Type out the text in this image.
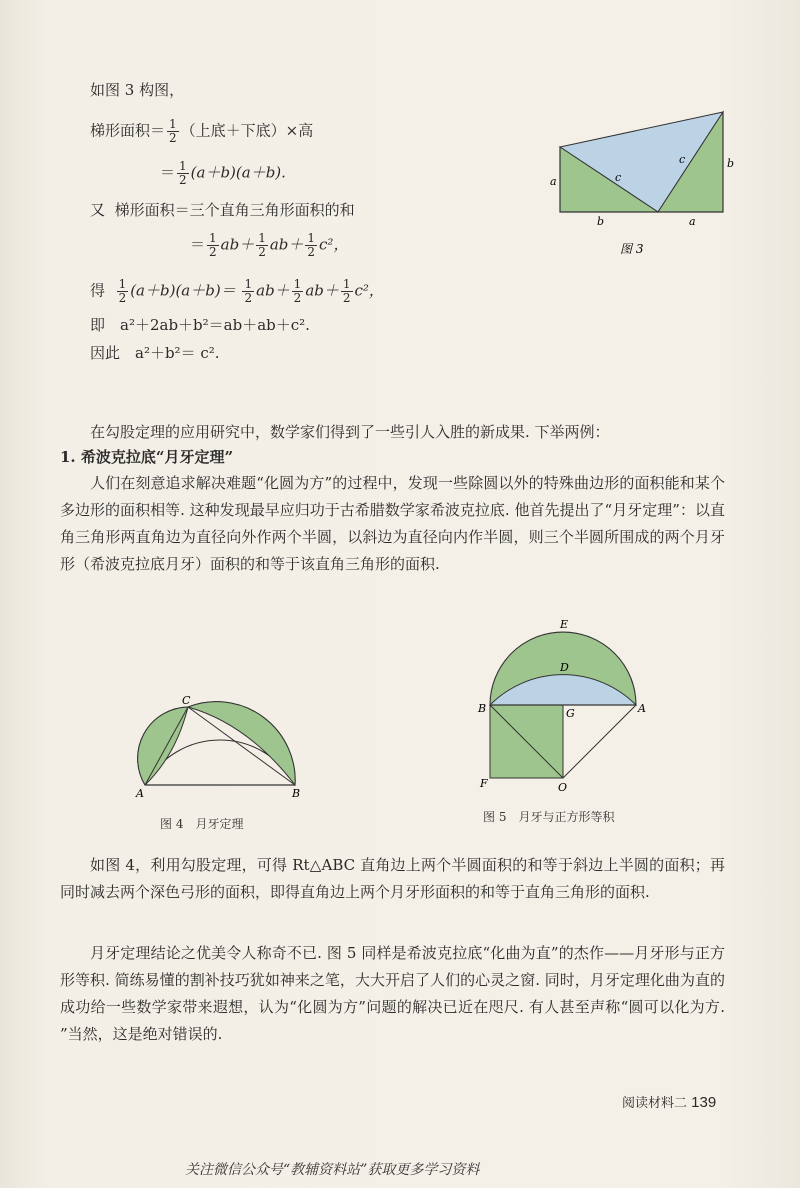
如图 3 构图，
梯形面积＝ $\frac{1}{2}$ （上底＋下底）×高
＝ $\frac{1}{2} (a+b)(a+b)$.
又 梯形面积＝三个直角三角形面积的和
＝ $\frac{1}{2} ab+ \frac{1}{2} ab+ \frac{1}{2} c^2$，
得 $\frac{1}{2} (a+b)(a+b)= \frac{1}{2} ab+ \frac{1}{2} ab+ \frac{1}{2} c^2$，
即　a²＋2ab＋b²＝ab＋ab＋c².
因此　a²＋b²＝ c².
a
b
b	a
c
c
图 3
在勾股定理的应用研究中，数学家们得到了一些引人入胜的新成果. 下举两例：
1. 希波克拉底“月牙定理”
人们在刻意追求解决难题“化圆为方”的过程中，发现一些除圆以外的特殊曲边形的面积能和某个多边形的面积相等. 这种发现最早应归功于古希腊数学家希波克拉底. 他首先提出了“月牙定理”：以直角三角形两直角边为直径向外作两个半圆，以斜边为直径向内作半圆，则三个半圆所围成的两个月牙形（希波克拉底月牙）面积的和等于该直角三角形的面积.
A	B
C
图 4　月牙定理
E
D
B	G	A
F	O
图 5　月牙与正方形等积
如图 4，利用勾股定理，可得 Rt△ABC 直角边上两个半圆面积的和等于斜边上半圆的面积；再同时减去两个深色弓形的面积，即得直角边上两个月牙形面积的和等于直角三角形的面积.
月牙定理结论之优美令人称奇不已. 图 5 同样是希波克拉底“化曲为直”的杰作——月牙形与正方形等积. 简练易懂的割补技巧犹如神来之笔，大大开启了人们的心灵之窗. 同时，月牙定理化曲为直的成功给一些数学家带来遐想，认为“化圆为方”问题的解决已近在咫尺. 有人甚至声称“圆可以化为方. ”当然，这是绝对错误的.
阅读材料二 139
关注微信公众号“教辅资料站”获取更多学习资料
